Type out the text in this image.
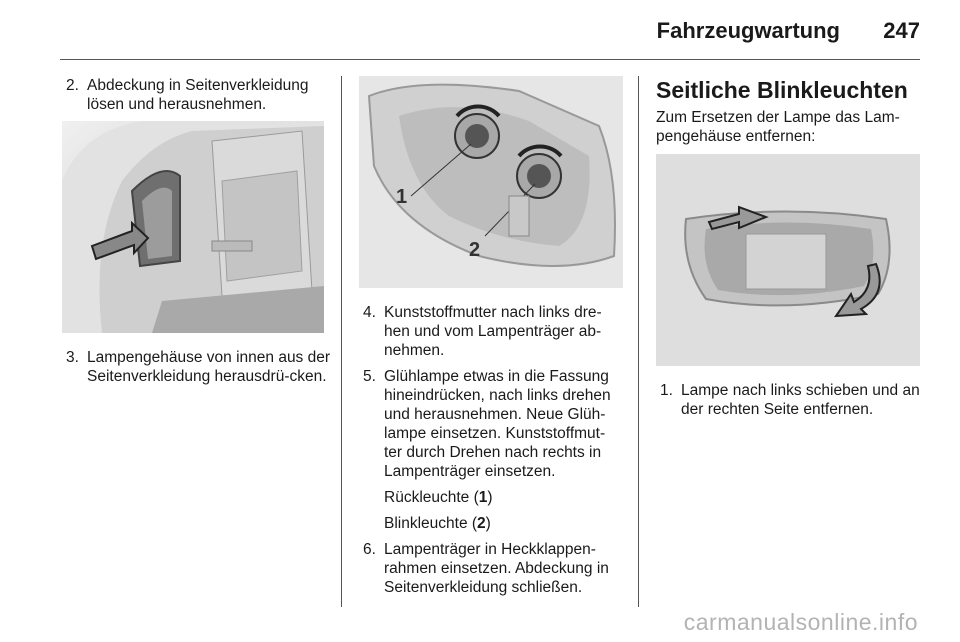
Fahrzeugwartung 247
2. Abdeckung in Seitenverkleidung lösen und herausnehmen.
3. Lampengehäuse von innen aus der Seitenverkleidung herausdrü-cken.
1
2
4. Kunststoffmutter nach links dre-hen und vom Lampenträger ab-nehmen.
5. Glühlampe etwas in die Fassung hineindrücken, nach links drehen und herausnehmen. Neue Glüh-lampe einsetzen. Kunststoffmut-ter durch Drehen nach rechts in Lampenträger einsetzen.
Rückleuchte (1)
Blinkleuchte (2)
6. Lampenträger in Heckklappen-rahmen einsetzen. Abdeckung in Seitenverkleidung schließen.
Seitliche Blinkleuchten
Zum Ersetzen der Lampe das Lam-pengehäuse entfernen:
1. Lampe nach links schieben und an der rechten Seite entfernen.
carmanualsonline.info
